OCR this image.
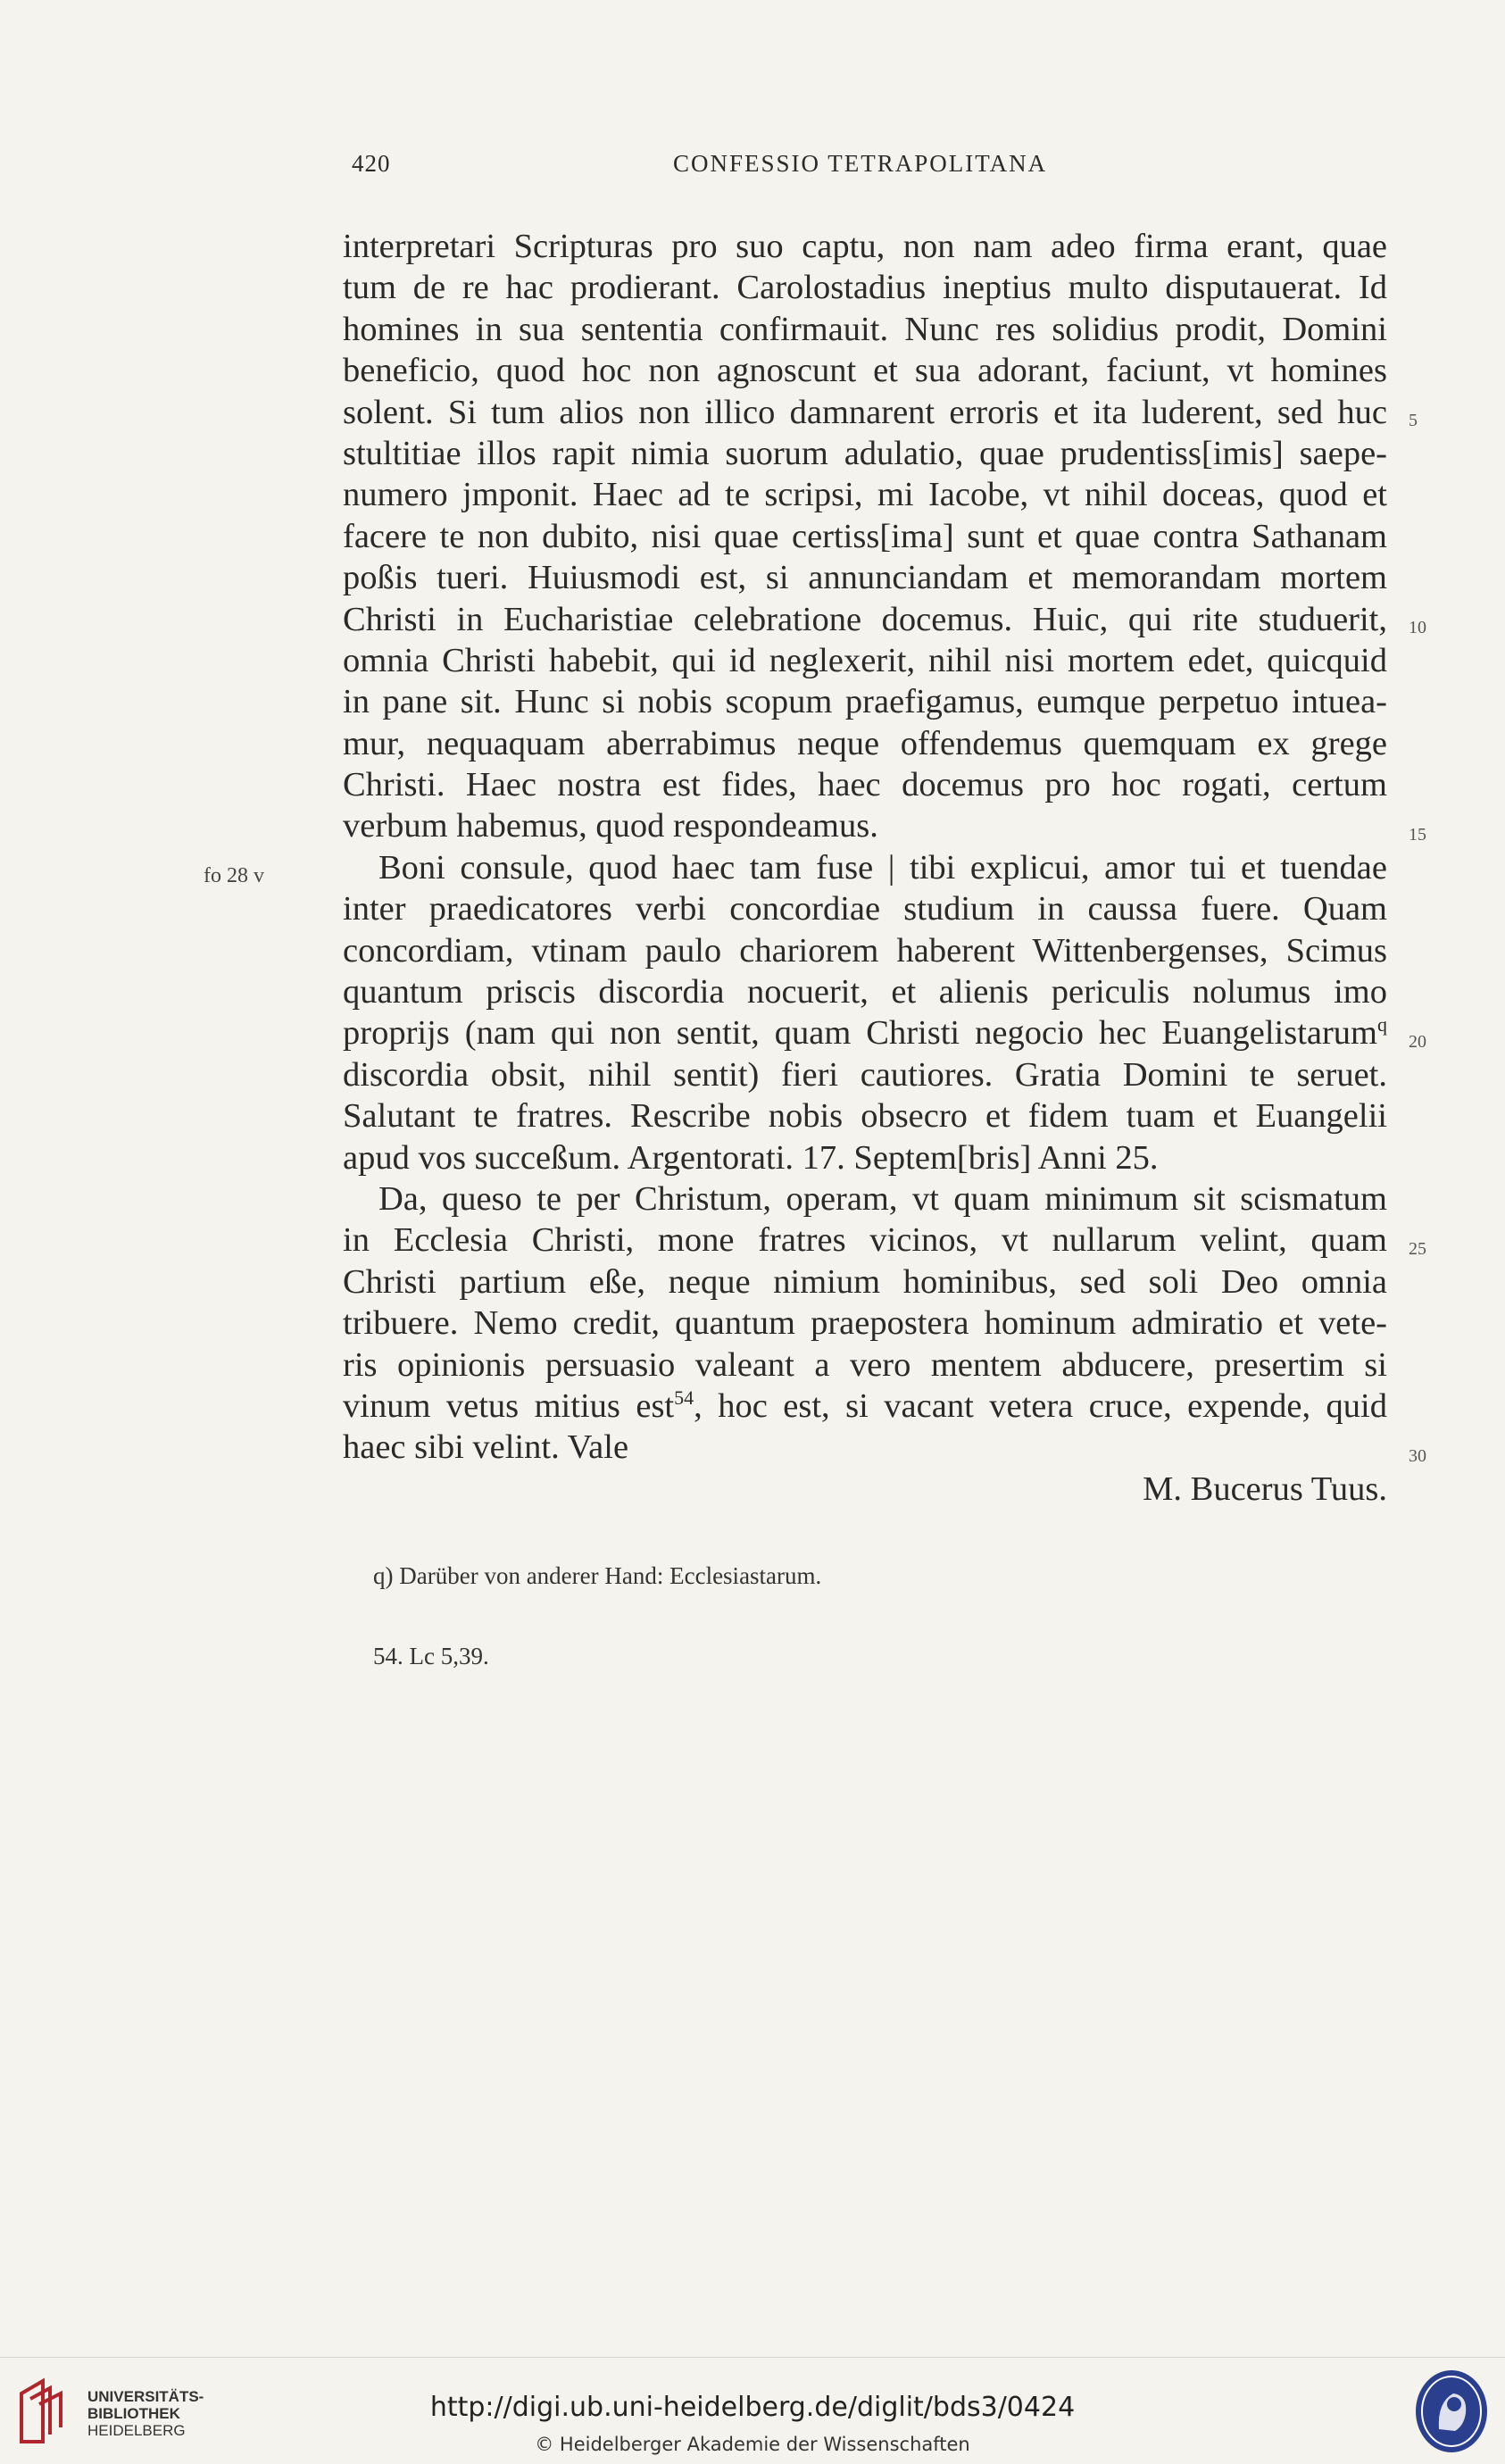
420	CONFESSIO TETRAPOLITANA
interpretari Scripturas pro suo captu, non nam adeo firma erant, quae
tum de re hac prodierant. Carolostadius ineptius multo disputauerat. Id
homines in sua sententia confirmauit. Nunc res solidius prodit, Domini
beneficio, quod hoc non agnoscunt et sua adorant, faciunt, vt homines
solent. Si tum alios non illico damnarent erroris et ita luderent, sed huc
stultitiae illos rapit nimia suorum adulatio, quae prudentiss[imis] saepe-
numero jmponit. Haec ad te scripsi, mi Iacobe, vt nihil doceas, quod et
facere te non dubito, nisi quae certiss[ima] sunt et quae contra Sathanam
poßis tueri. Huiusmodi est, si annunciandam et memorandam mortem
Christi in Eucharistiae celebratione docemus. Huic, qui rite studuerit,
omnia Christi habebit, qui id neglexerit, nihil nisi mortem edet, quicquid
in pane sit. Hunc si nobis scopum praefigamus, eumque perpetuo intuea-
mur, nequaquam aberrabimus neque offendemus quemquam ex grege
Christi. Haec nostra est fides, haec docemus pro hoc rogati, certum
verbum habemus, quod respondeamus.
Boni consule, quod haec tam fuse | tibi explicui, amor tui et tuendae
inter praedicatores verbi concordiae studium in caussa fuere. Quam
concordiam, vtinam paulo chariorem haberent Wittenbergenses, Scimus
quantum priscis discordia nocuerit, et alienis periculis nolumus imo
proprijs (nam qui non sentit, quam Christi negocio hec Euangelistarum$^q$
discordia obsit, nihil sentit) fieri cautiores. Gratia Domini te seruet.
Salutant te fratres. Rescribe nobis obsecro et fidem tuam et Euangelii
apud vos succeßum. Argentorati. 17. Septem[bris] Anni 25.
Da, queso te per Christum, operam, vt quam minimum sit scismatum
in Ecclesia Christi, mone fratres vicinos, vt nullarum velint, quam
Christi partium eße, neque nimium hominibus, sed soli Deo omnia
tribuere. Nemo credit, quantum praepostera hominum admiratio et vete-
ris opinionis persuasio valeant a vero mentem abducere, presertim si
vinum vetus mitius est$^{54}$, hoc est, si vacant vetera cruce, expende, quid
haec sibi velint. Vale
M. Bucerus Tuus.
5
10
15
20
25
30
fo 28 v
q) Darüber von anderer Hand: Ecclesiastarum.
54. Lc 5,39.
UNIVERSITÄTS-
BIBLIOTHEK
HEIDELBERG
http://digi.ub.uni-heidelberg.de/diglit/bds3/0424
© Heidelberger Akademie der Wissenschaften
